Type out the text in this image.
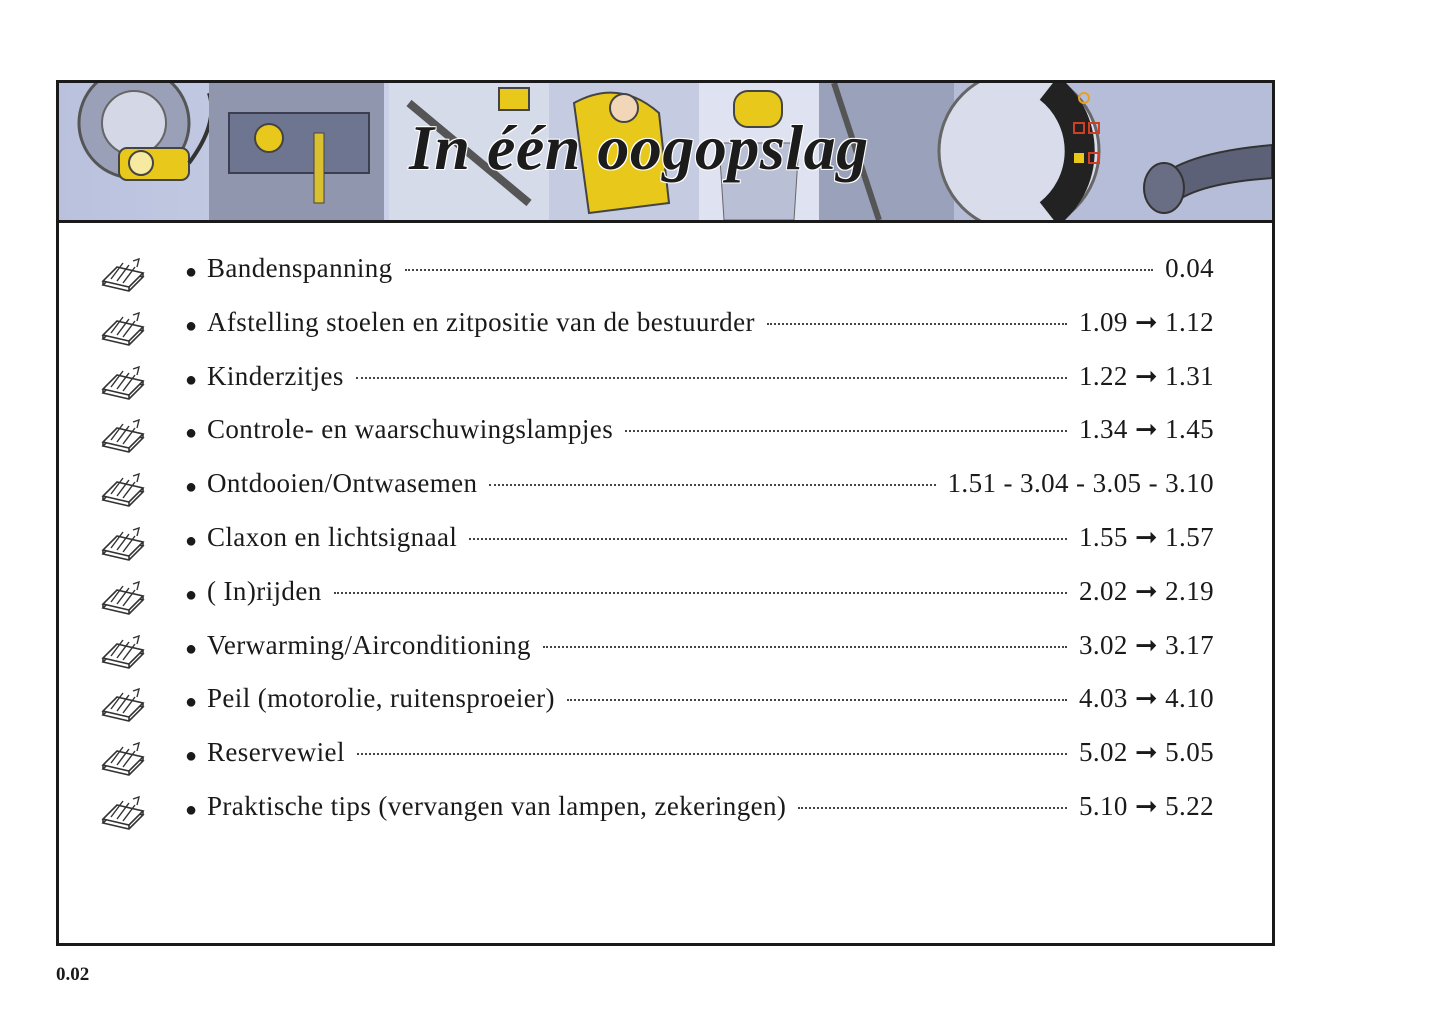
In één oogopslag
● Bandenspanning	0.04
● Afstelling stoelen en zitpositie van de bestuurder	1.09 ➞ 1.12
● Kinderzitjes	1.22 ➞ 1.31
● Controle- en waarschuwingslampjes	1.34 ➞ 1.45
● Ontdooien/Ontwasemen	1.51 - 3.04 - 3.05 - 3.10
● Claxon en lichtsignaal	1.55 ➞ 1.57
● ( In)rijden	2.02 ➞ 2.19
● Verwarming/Airconditioning	3.02 ➞ 3.17
● Peil (motorolie, ruitensproeier)	4.03 ➞ 4.10
● Reservewiel	5.02 ➞ 5.05
● Praktische tips (vervangen van lampen, zekeringen)	5.10 ➞ 5.22
0.02
